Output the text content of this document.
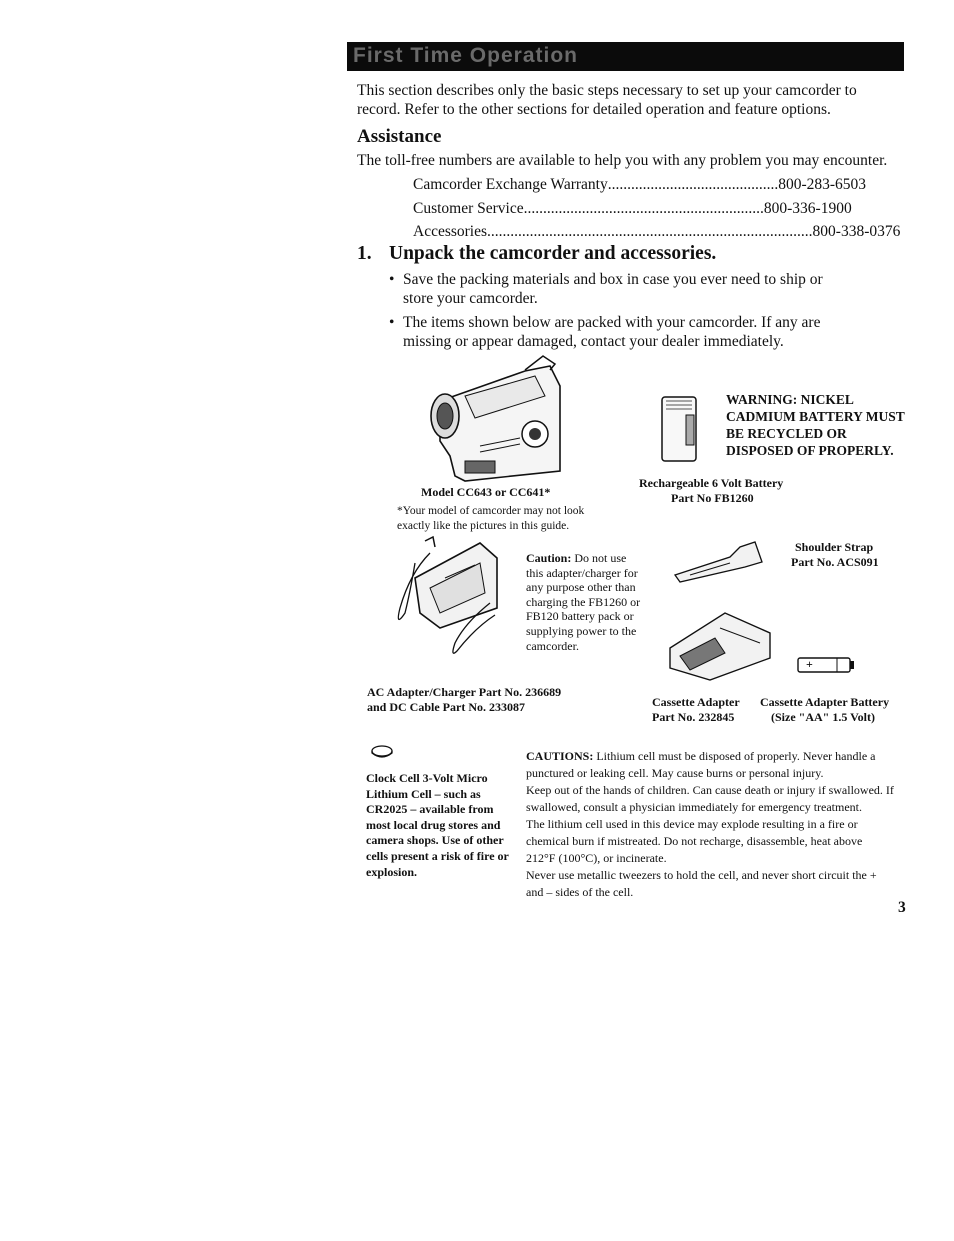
First Time Operation
This section describes only the basic steps necessary to set up your camcorder to record. Refer to the other sections for detailed operation and feature options.
Assistance
The toll-free numbers are available to help you with any problem you may encounter.
Camcorder Exchange Warranty ............................................ 800-283-6503
Customer Service .............................................................. 800-336-1900
Accessories .................................................................................... 800-338-0376
1. Unpack the camcorder and accessories.
• Save the packing materials and box in case you ever need to ship or store your camcorder.
• The items shown below are packed with your camcorder. If any are missing or appear damaged, contact your dealer immediately.
Model CC643 or CC641*
*Your model of camcorder may not look exactly like the pictures in this guide.
WARNING: NICKEL CADMIUM BATTERY MUST BE RECYCLED OR DISPOSED OF PROPERLY.
Rechargeable 6 Volt Battery
Part No FB1260
Caution: Do not use this adapter/charger for any purpose other than charging the FB1260 or FB120 battery pack or supplying power to the camcorder.
AC Adapter/Charger Part No. 236689
and DC Cable Part No. 233087
Shoulder Strap
Part No. ACS091
Cassette Adapter
Part No. 232845
+
Cassette Adapter Battery
(Size "AA" 1.5 Volt)
Clock Cell 3-Volt Micro Lithium Cell – such as CR2025 – available from most local drug stores and camera shops. Use of other cells present a risk of fire or explosion.
CAUTIONS: Lithium cell must be disposed of properly. Never handle a punctured or leaking cell. May cause burns or personal injury.
Keep out of the hands of children. Can cause death or injury if swallowed. If swallowed, consult a physician immediately for emergency treatment.
The lithium cell used in this device may explode resulting in a fire or chemical burn if mistreated. Do not recharge, disassemble, heat above 212°F (100°C), or incinerate.
Never use metallic tweezers to hold the cell, and never short circuit the + and – sides of the cell.
3
